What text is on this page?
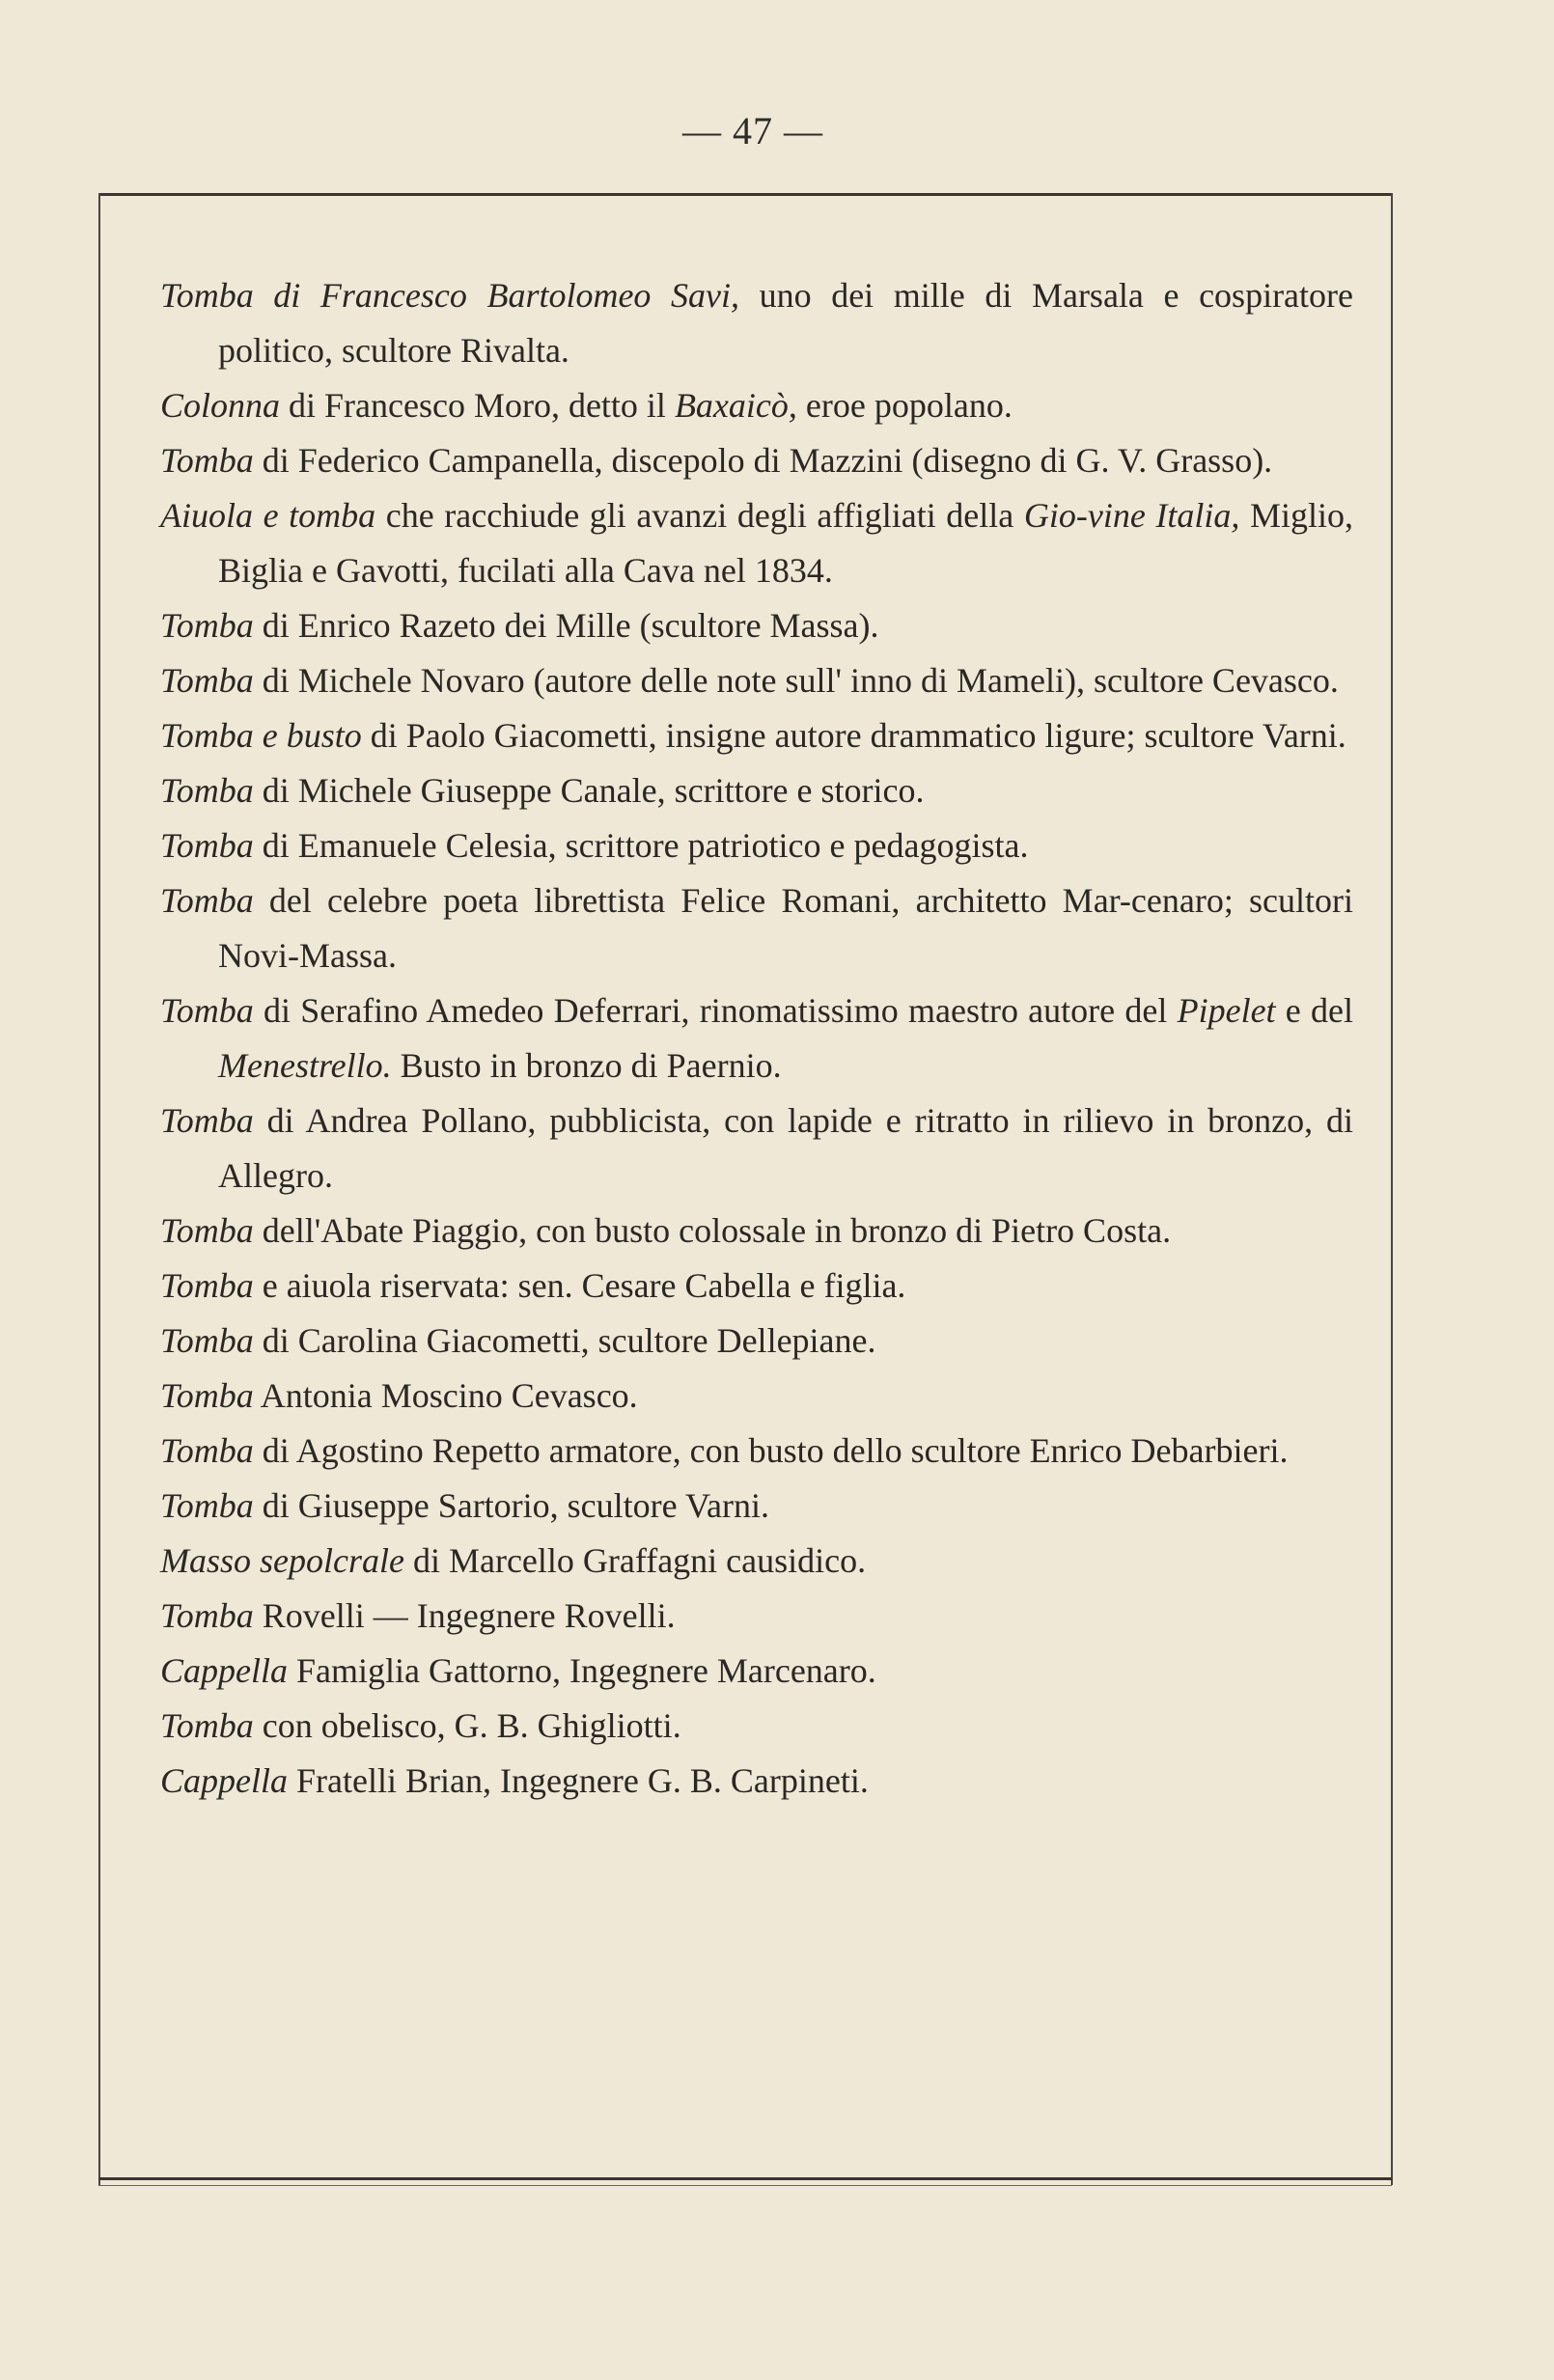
— 47 —

Tomba di Francesco Bartolomeo Savi, uno dei mille di Marsala e cospiratore politico, scultore Rivalta.

Colonna di Francesco Moro, detto il Baxaicò, eroe popolano.

Tomba di Federico Campanella, discepolo di Mazzini (disegno di G. V. Grasso).

Aiuola e tomba che racchiude gli avanzi degli affigliati della Gio-vine Italia, Miglio, Biglia e Gavotti, fucilati alla Cava nel 1834.

Tomba di Enrico Razeto dei Mille (scultore Massa).

Tomba di Michele Novaro (autore delle note sull' inno di Mameli), scultore Cevasco.

Tomba e busto di Paolo Giacometti, insigne autore drammatico ligure; scultore Varni.

Tomba di Michele Giuseppe Canale, scrittore e storico.

Tomba di Emanuele Celesia, scrittore patriotico e pedagogista.

Tomba del celebre poeta librettista Felice Romani, architetto Mar-cenaro; scultori Novi-Massa.

Tomba di Serafino Amedeo Deferrari, rinomatissimo maestro autore del Pipelet e del Menestrello. Busto in bronzo di Paernio.

Tomba di Andrea Pollano, pubblicista, con lapide e ritratto in rilievo in bronzo, di Allegro.

Tomba dell'Abate Piaggio, con busto colossale in bronzo di Pietro Costa.

Tomba e aiuola riservata: sen. Cesare Cabella e figlia.

Tomba di Carolina Giacometti, scultore Dellepiane.

Tomba Antonia Moscino Cevasco.

Tomba di Agostino Repetto armatore, con busto dello scultore Enrico Debarbieri.

Tomba di Giuseppe Sartorio, scultore Varni.

Masso sepolcrale di Marcello Graffagni causidico.

Tomba Rovelli — Ingegnere Rovelli.

Cappella Famiglia Gattorno, Ingegnere Marcenaro.

Tomba con obelisco, G. B. Ghigliotti.

Cappella Fratelli Brian, Ingegnere G. B. Carpineti.
